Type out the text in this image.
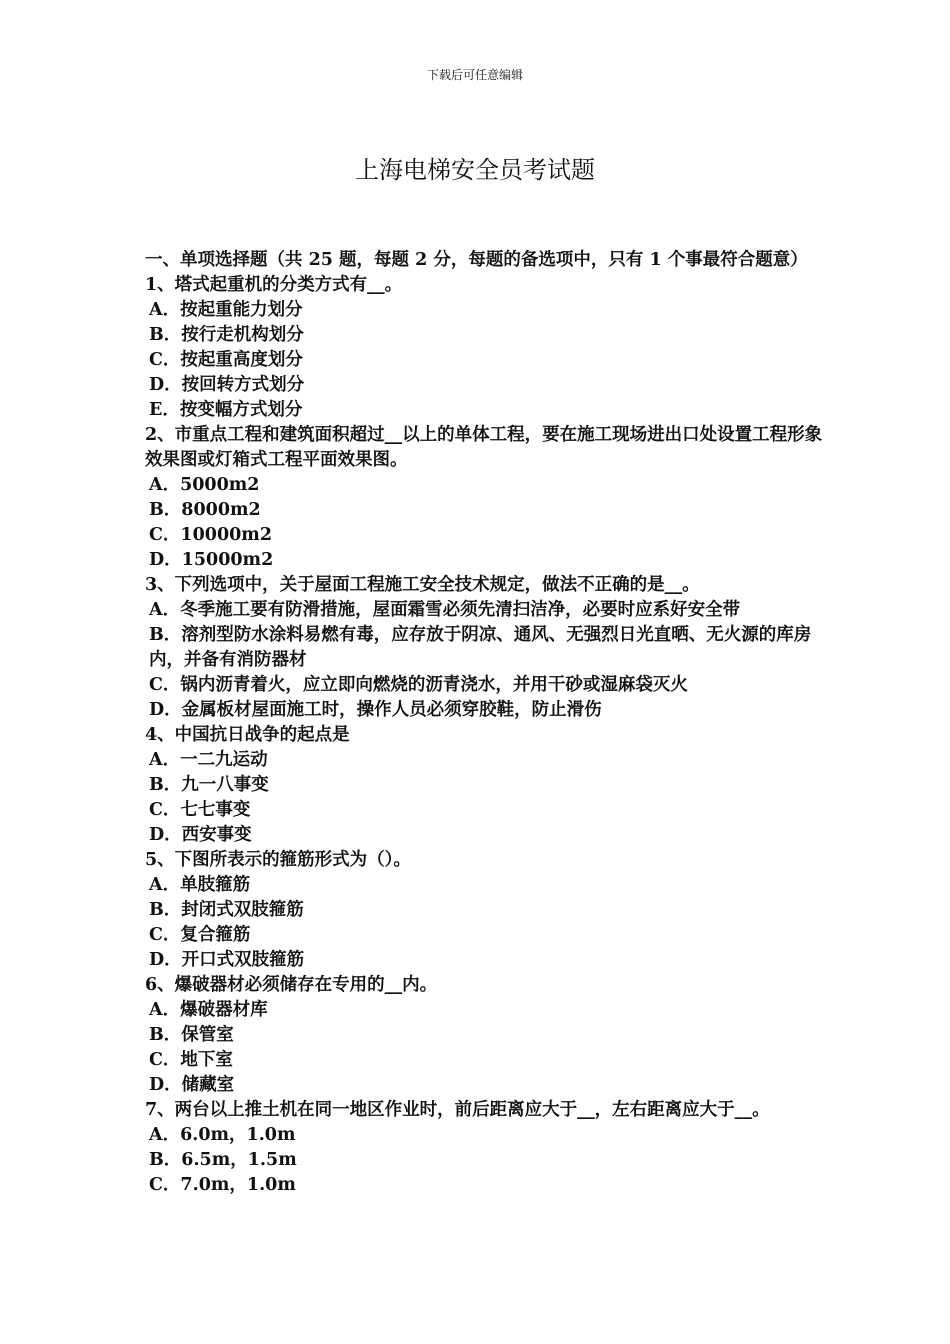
下载后可任意编辑
上海电梯安全员考试题

一、单项选择题（共 25 题，每题 2 分，每题的备选项中，只有 1 个事最符合题意）

1、塔式起重机的分类方式有__。

A．按起重能力划分

B．按行走机构划分

C．按起重高度划分

D．按回转方式划分

E．按变幅方式划分

2、市重点工程和建筑面积超过__以上的单体工程，要在施工现场进出口处设置工程形象效果图或灯箱式工程平面效果图。

A．5000m2

B．8000m2

C．10000m2

D．15000m2

3、下列选项中，关于屋面工程施工安全技术规定，做法不正确的是__。

A．冬季施工要有防滑措施，屋面霜雪必须先清扫洁净，必要时应系好安全带

B．溶剂型防水涂料易燃有毒，应存放于阴凉、通风、无强烈日光直晒、无火源的库房内，并备有消防器材

C．锅内沥青着火，应立即向燃烧的沥青浇水，并用干砂或湿麻袋灭火

D．金属板材屋面施工时，操作人员必须穿胶鞋，防止滑伤

4、中国抗日战争的起点是

A．一二九运动

B．九一八事变

C．七七事变

D．西安事变

5、下图所表示的箍筋形式为（）。

A．单肢箍筋

B．封闭式双肢箍筋

C．复合箍筋

D．开口式双肢箍筋

6、爆破器材必须储存在专用的__内。

A．爆破器材库

B．保管室

C．地下室

D．储藏室

7、两台以上推土机在同一地区作业时，前后距离应大于__，左右距离应大于__。

A．6.0m，1.0m

B．6.5m，1.5m

C．7.0m，1.0m
